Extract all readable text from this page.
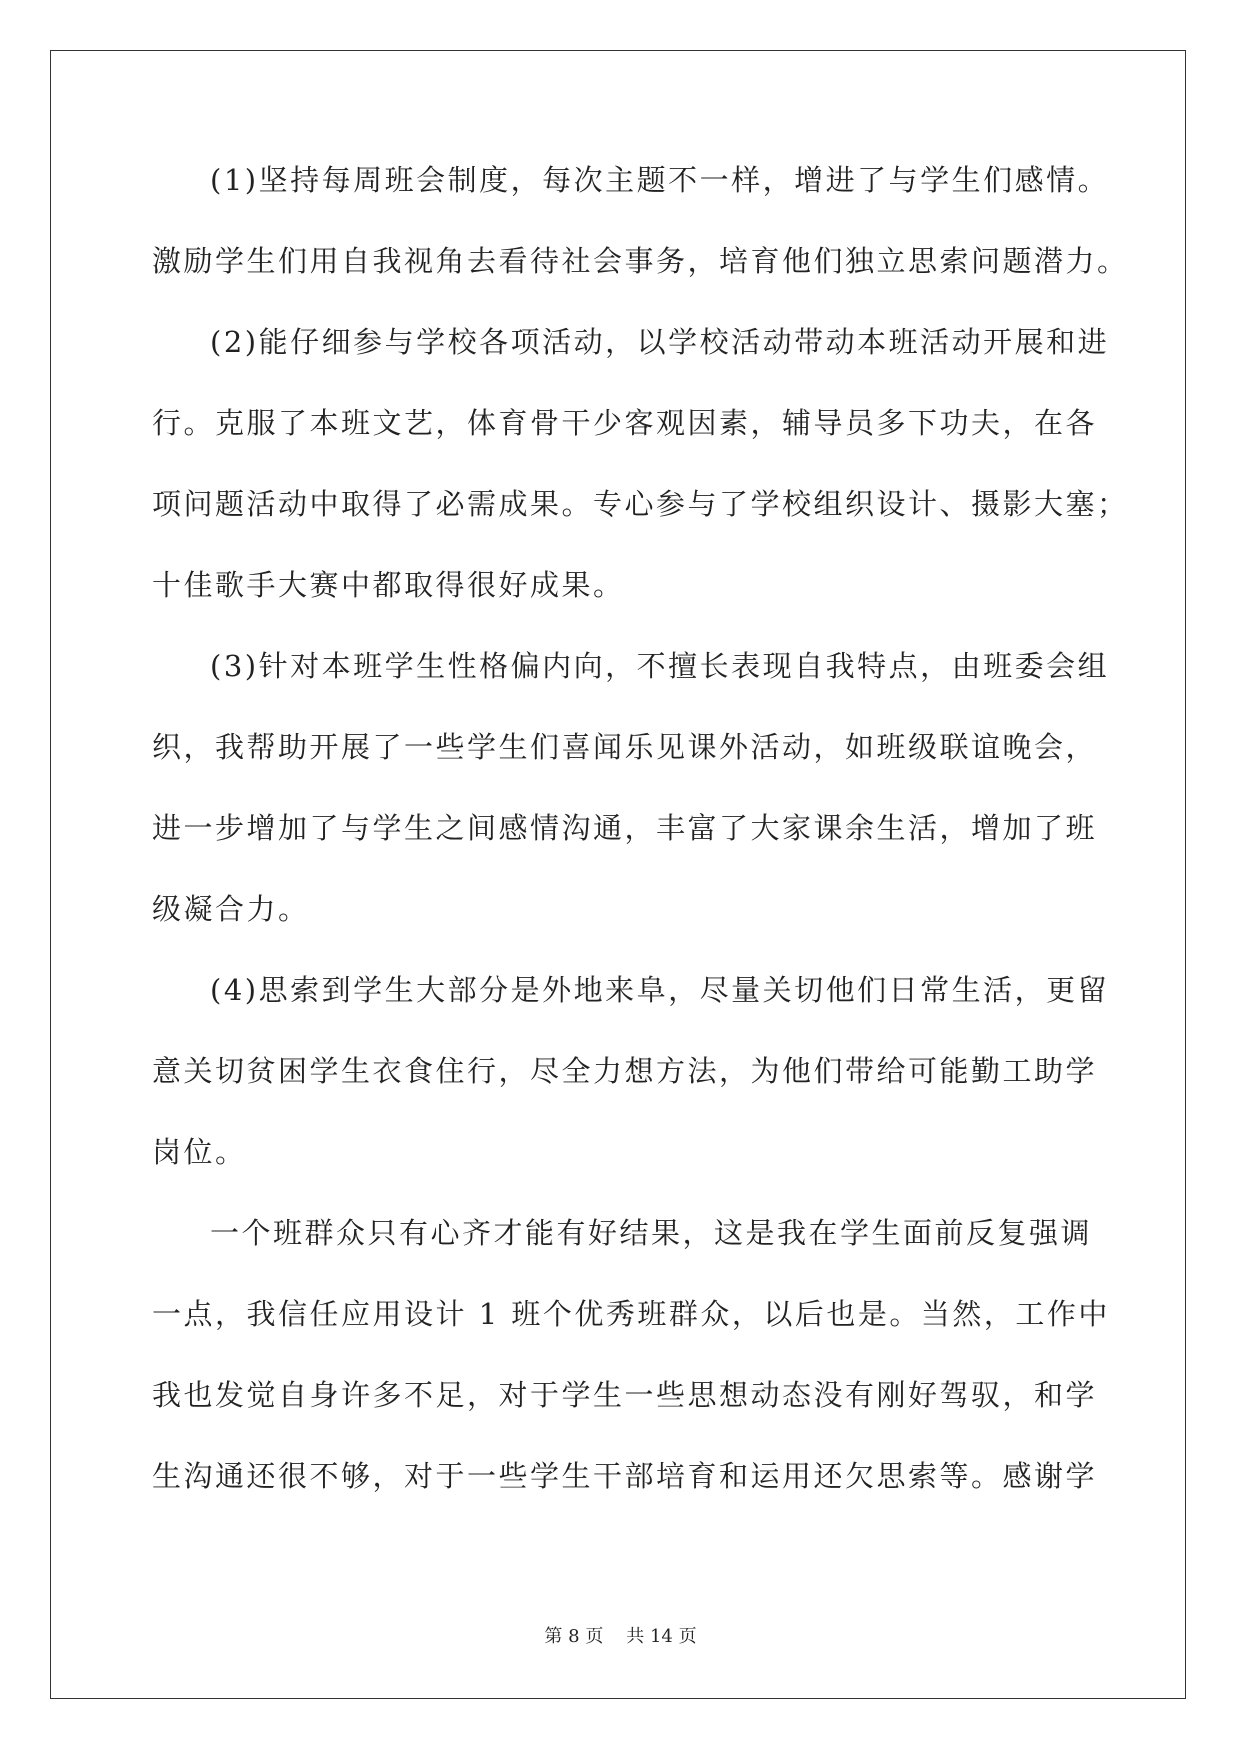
(1)坚持每周班会制度，每次主题不一样，增进了与学生们感情。
激励学生们用自我视角去看待社会事务，培育他们独立思索问题潜力。

(2)能仔细参与学校各项活动，以学校活动带动本班活动开展和进
行。克服了本班文艺，体育骨干少客观因素，辅导员多下功夫，在各
项问题活动中取得了必需成果。专心参与了学校组织设计、摄影大塞；
十佳歌手大赛中都取得很好成果。

(3)针对本班学生性格偏内向，不擅长表现自我特点，由班委会组
织，我帮助开展了一些学生们喜闻乐见课外活动，如班级联谊晚会，
进一步增加了与学生之间感情沟通，丰富了大家课余生活，增加了班
级凝合力。

(4)思索到学生大部分是外地来阜，尽量关切他们日常生活，更留
意关切贫困学生衣食住行，尽全力想方法，为他们带给可能勤工助学
岗位。

一个班群众只有心齐才能有好结果，这是我在学生面前反复强调
一点，我信任应用设计 1 班个优秀班群众，以后也是。当然，工作中
我也发觉自身许多不足，对于学生一些思想动态没有刚好驾驭，和学
生沟通还很不够，对于一些学生干部培育和运用还欠思索等。感谢学

第 8 页 共 14 页
